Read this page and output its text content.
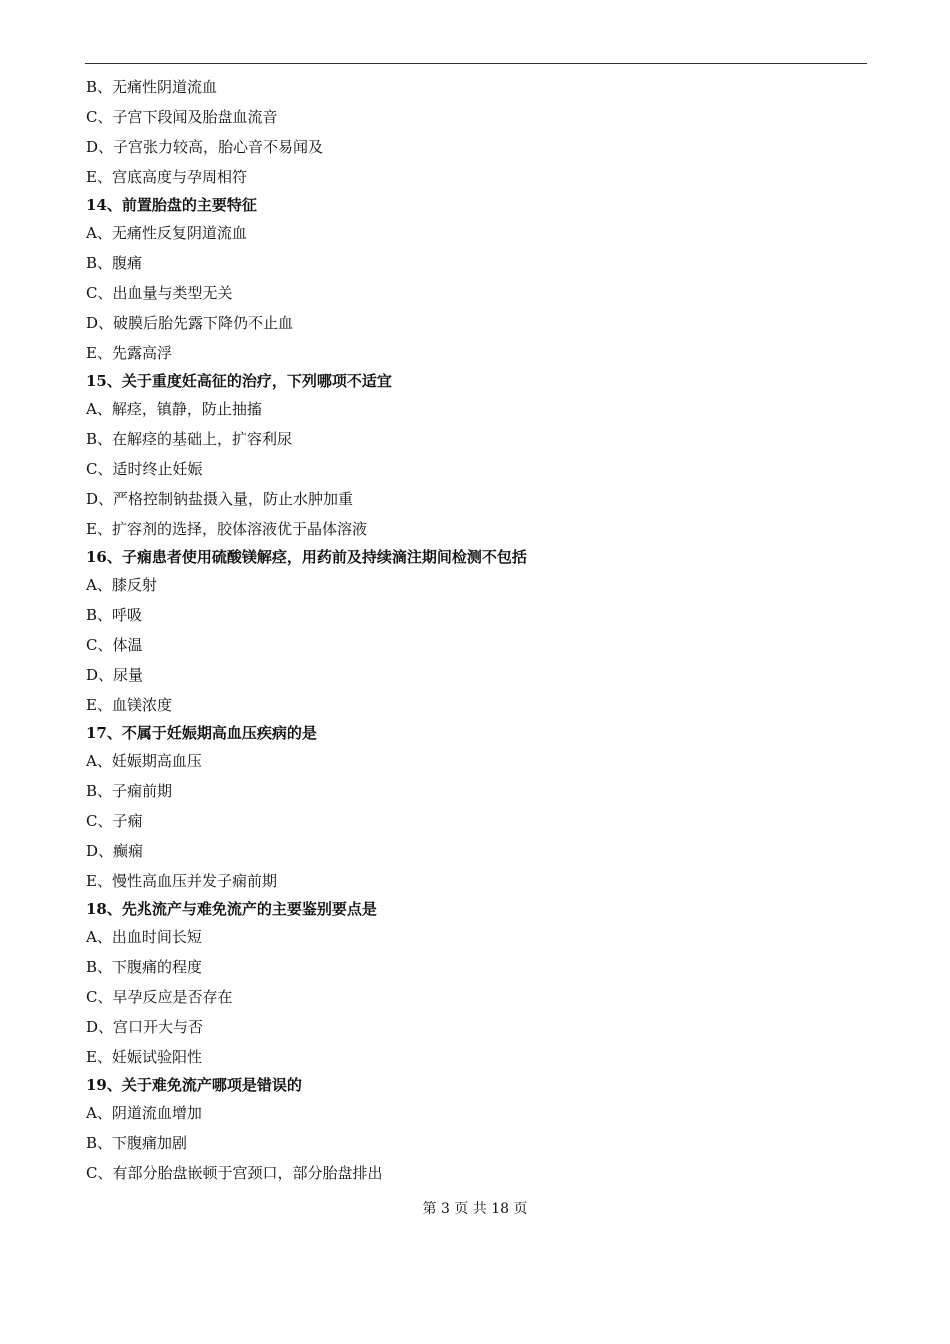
B、无痛性阴道流血
C、子宫下段闻及胎盘血流音
D、子宫张力较高，胎心音不易闻及
E、宫底高度与孕周相符
14、前置胎盘的主要特征
A、无痛性反复阴道流血
B、腹痛
C、出血量与类型无关
D、破膜后胎先露下降仍不止血
E、先露高浮
15、关于重度妊高征的治疗，下列哪项不适宜
A、解痉，镇静，防止抽搐
B、在解痉的基础上，扩容利尿
C、适时终止妊娠
D、严格控制钠盐摄入量，防止水肿加重
E、扩容剂的选择，胶体溶液优于晶体溶液
16、子痫患者使用硫酸镁解痉，用药前及持续滴注期间检测不包括
A、膝反射
B、呼吸
C、体温
D、尿量
E、血镁浓度
17、不属于妊娠期高血压疾病的是
A、妊娠期高血压
B、子痫前期
C、子痫
D、癫痫
E、慢性高血压并发子痫前期
18、先兆流产与难免流产的主要鉴别要点是
A、出血时间长短
B、下腹痛的程度
C、早孕反应是否存在
D、宫口开大与否
E、妊娠试验阳性
19、关于难免流产哪项是错误的
A、阴道流血增加
B、下腹痛加剧
C、有部分胎盘嵌顿于宫颈口，部分胎盘排出
第 3 页 共 18 页
